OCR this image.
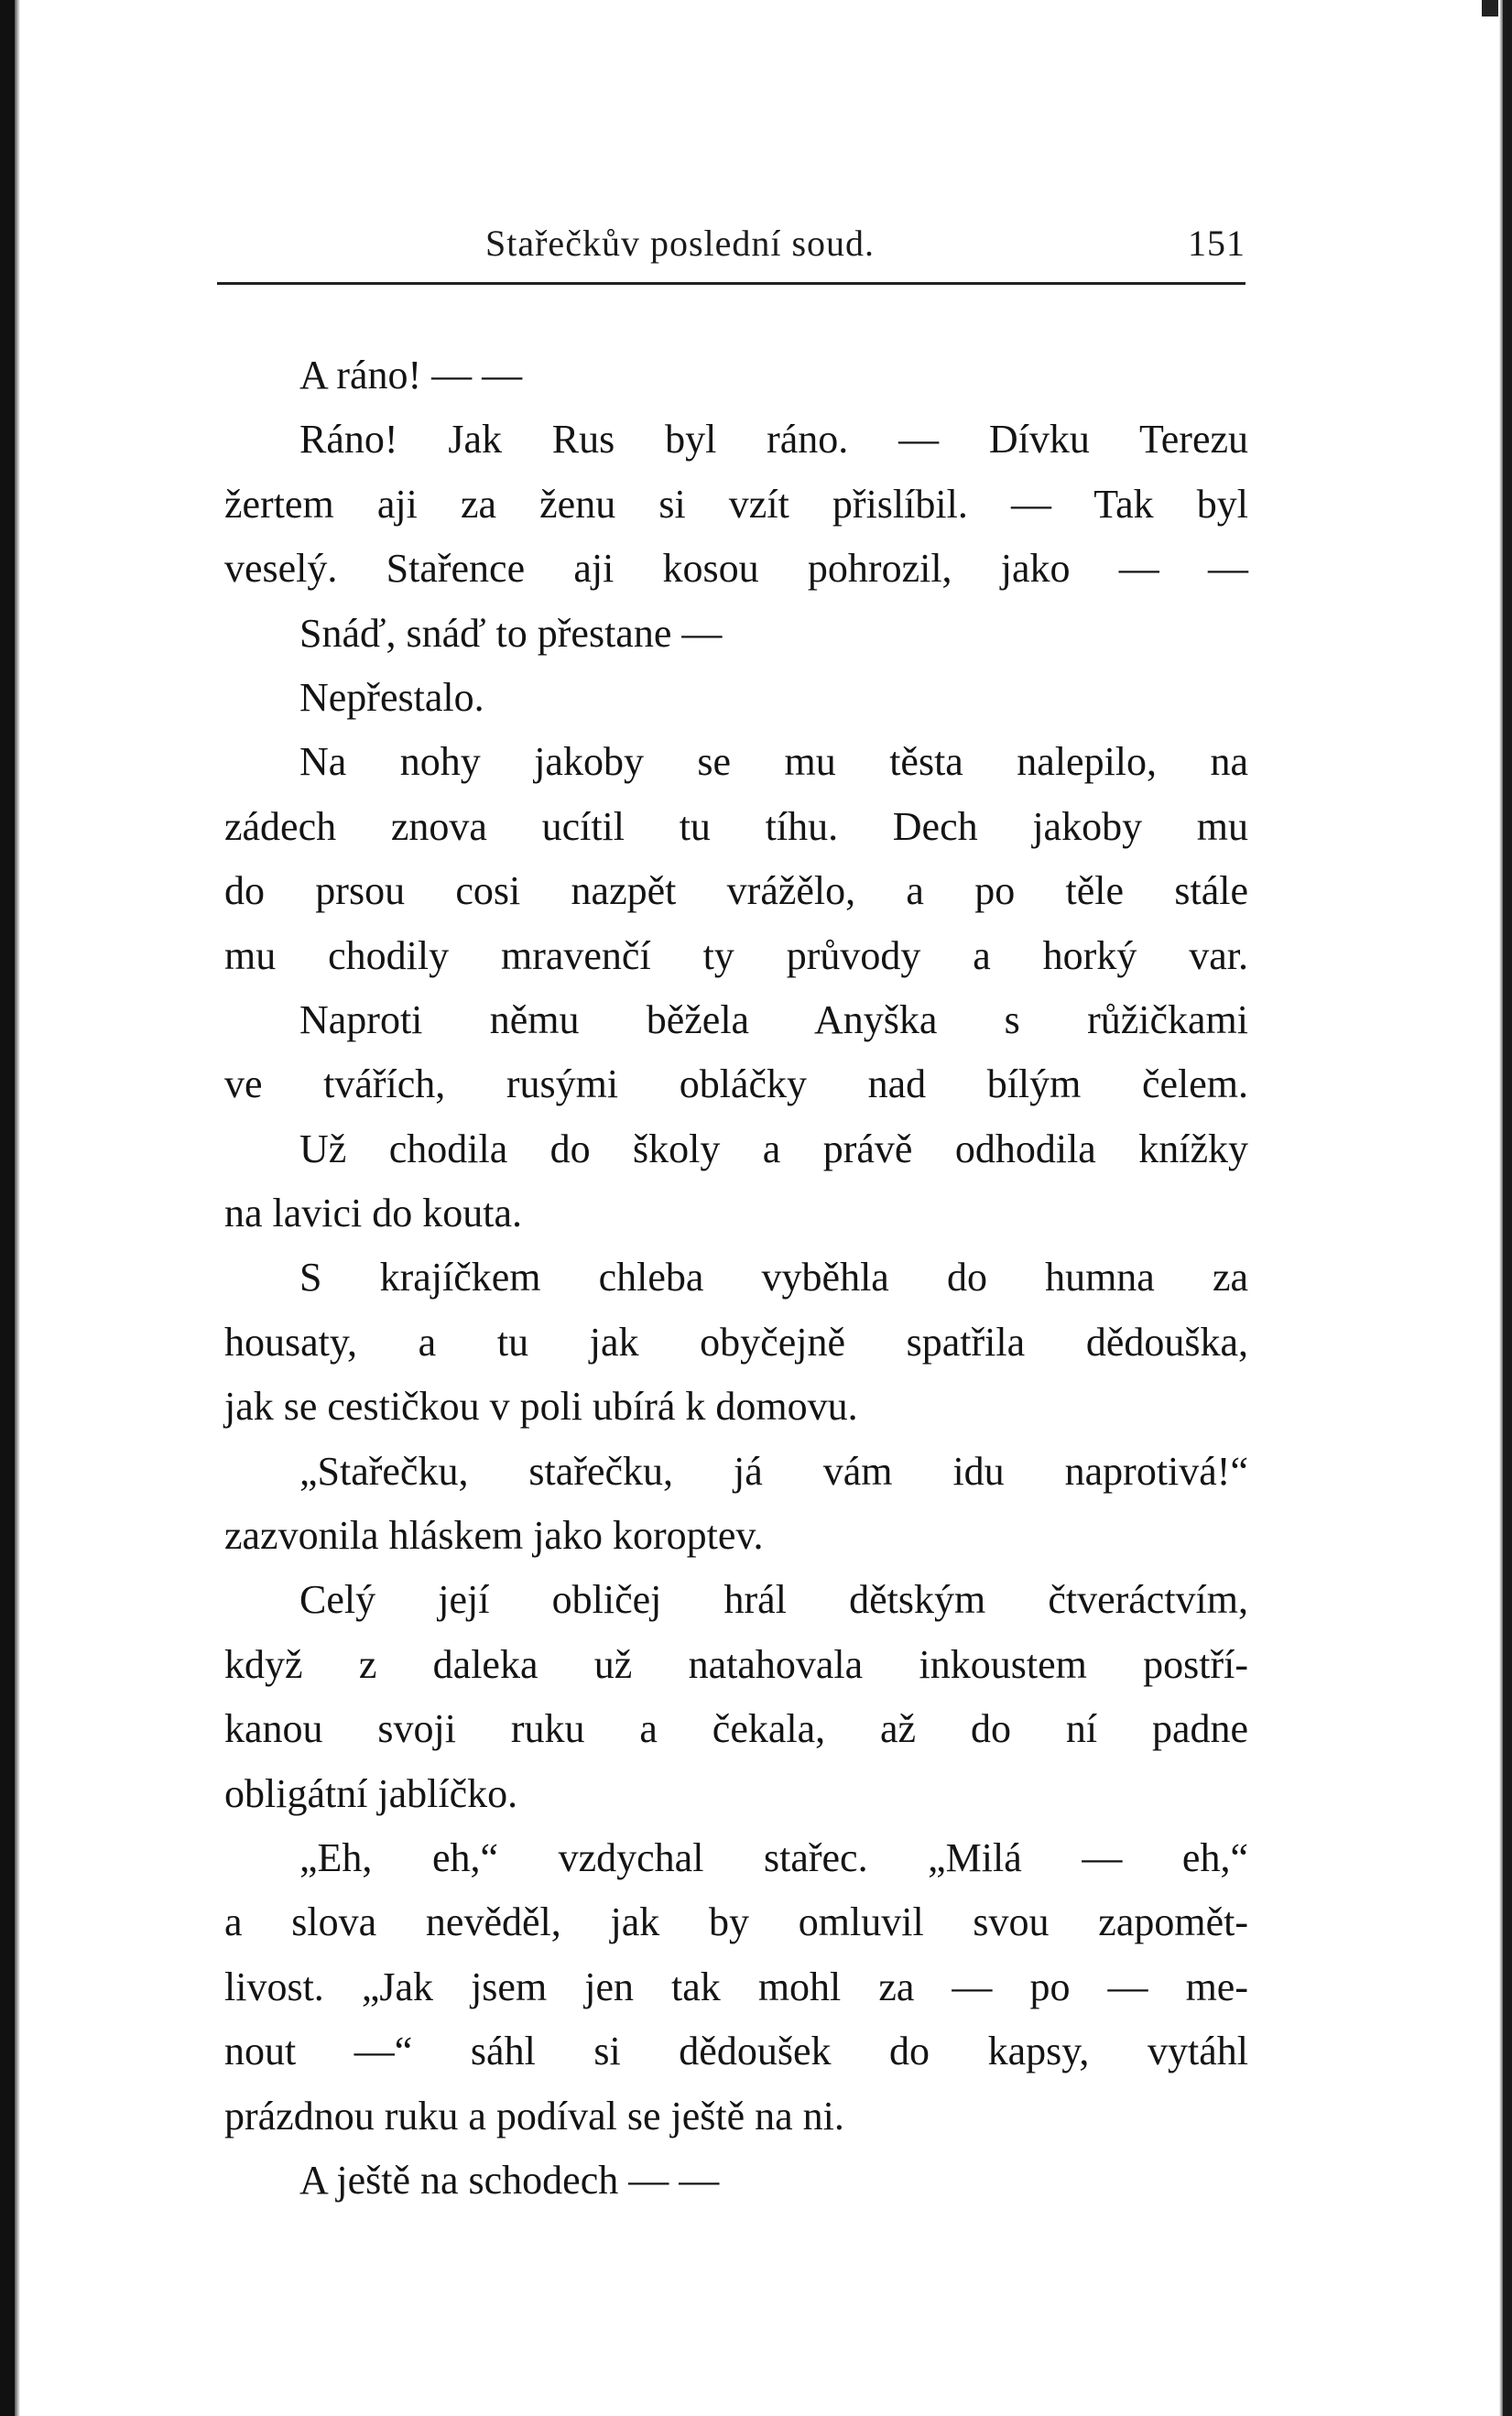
Stařečkův poslední soud.	151
A ráno! — —
Ráno! Jak Rus byl ráno. — Dívku Terezu
žertem aji za ženu si vzít přislíbil. — Tak byl
veselý. Stařence aji kosou pohrozil, jako — —
Snáď, snáď to přestane —
Nepřestalo.
Na nohy jakoby se mu těsta nalepilo, na
zádech znova ucítil tu tíhu. Dech jakoby mu
do prsou cosi nazpět vrážělo, a po těle stále
mu chodily mravenčí ty průvody a horký var.
Naproti němu běžela Anyška s růžičkami
ve tvářích, rusými obláčky nad bílým čelem.
Už chodila do školy a právě odhodila knížky
na lavici do kouta.
S krajíčkem chleba vyběhla do humna za
housaty, a tu jak obyčejně spatřila dědouška,
jak se cestičkou v poli ubírá k domovu.
„Stařečku, stařečku, já vám idu naprotivá!“
zazvonila hláskem jako koroptev.
Celý její obličej hrál dětským čtveráctvím,
když z daleka už natahovala inkoustem postří-
kanou svoji ruku a čekala, až do ní padne
obligátní jablíčko.
„Eh, eh,“ vzdychal stařec. „Milá — eh,“
a slova nevěděl, jak by omluvil svou zapomět-
livost. „Jak jsem jen tak mohl za — po — me-
nout —“ sáhl si dědoušek do kapsy, vytáhl
prázdnou ruku a podíval se ještě na ni.
A ještě na schodech — —
